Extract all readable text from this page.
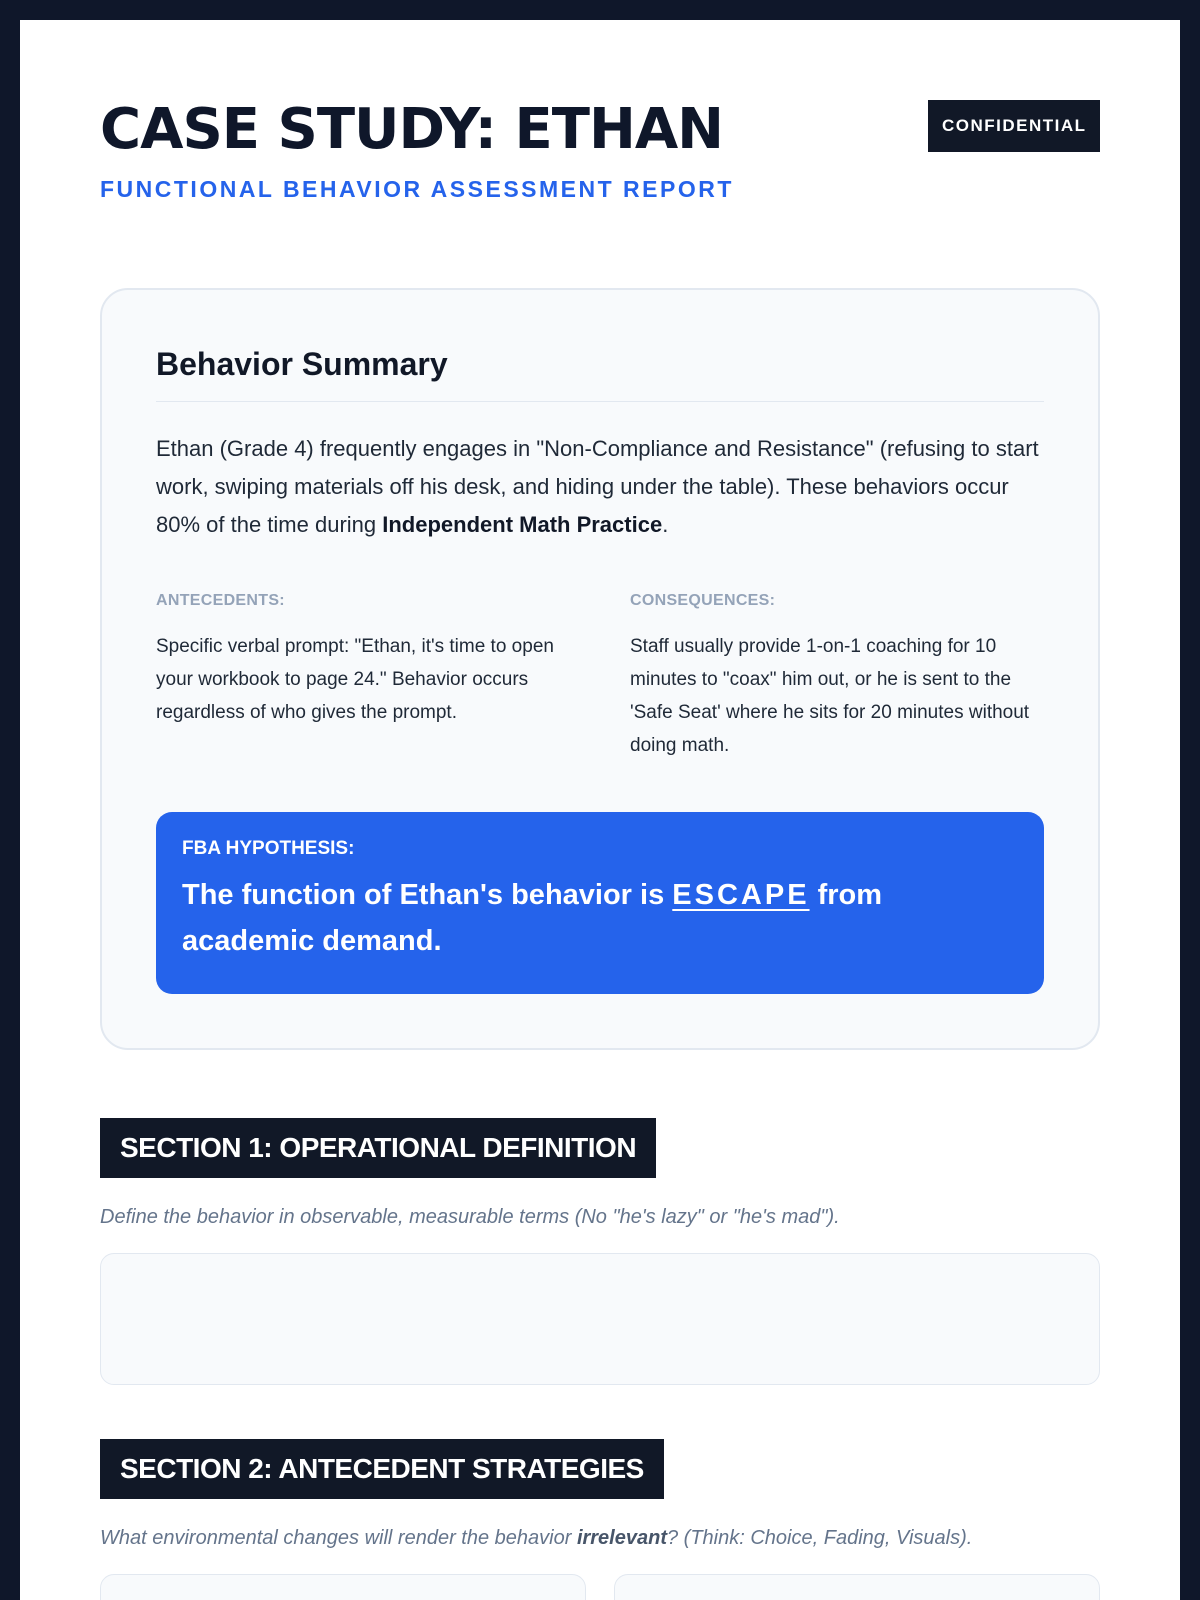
CASE STUDY: ETHAN
FUNCTIONAL BEHAVIOR ASSESSMENT REPORT
CONFIDENTIAL
Behavior Summary

Ethan (Grade 4) frequently engages in "Non-Compliance and Resistance" (refusing to start work, swiping materials off his desk, and hiding under the table). These behaviors occur 80% of the time during Independent Math Practice.

ANTECEDENTS:

Specific verbal prompt: "Ethan, it's time to open your workbook to page 24." Behavior occurs regardless of who gives the prompt.

CONSEQUENCES:

Staff usually provide 1-on-1 coaching for 10 minutes to "coax" him out, or he is sent to the 'Safe Seat' where he sits for 20 minutes without doing math.

FBA HYPOTHESIS:
The function of Ethan's behavior is ESCAPE from academic demand.
SECTION 1: OPERATIONAL DEFINITION

Define the behavior in observable, measurable terms (No "he's lazy" or "he's mad").

SECTION 2: ANTECEDENT STRATEGIES

What environmental changes will render the behavior irrelevant? (Think: Choice, Fading, Visuals).
